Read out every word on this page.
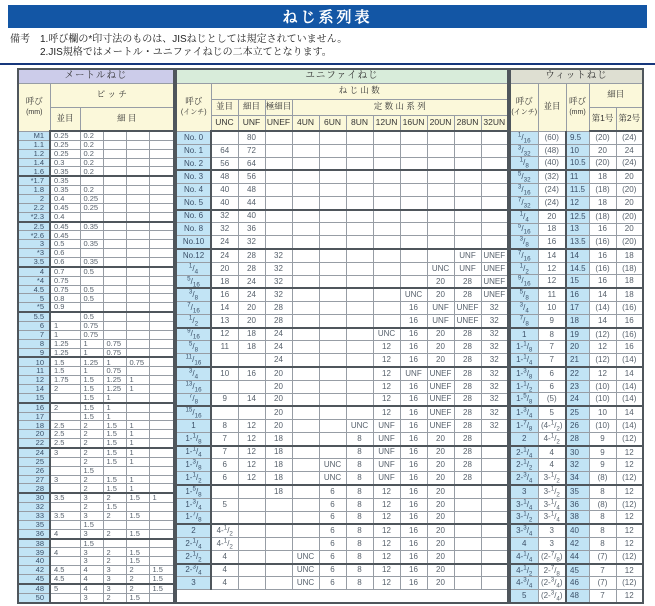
ねじ系列表
備考 1.呼び欄の*印寸法のものは、JISねじとしては規定されていません。
2.JIS規格ではメートル・ユニファイねじの二本立てとなります。
メートルねじ					
呼び
(mm)	ピ ッ チ				
	並目	細 目			
M1	0.25	0.2			
1.1	0.25	0.2			
1.2	0.25	0.2			
1.4	0.3	0.2			
1.6	0.35	0.2			
*1.7	0.35				
1.8	0.35	0.2			
2	0.4	0.25			
2.2	0.45	0.25			
*2.3	0.4				
2.5	0.45	0.35			
*2.6	0.45				
3	0.5	0.35			
*3	0.6				
3.5	0.6	0.35			
4	0.7	0.5			
*4	0.75				
4.5	0.75	0.5			
5	0.8	0.5			
*5	0.9				
5.5		0.5			
6	1	0.75			
7	1	0.75			
8	1.25	1	0.75		
9	1.25	1	0.75		
10	1.5	1.25	1	0.75	
11	1.5	1	0.75		
12	1.75	1.5	1.25	1	
14	2	1.5	1.25	1	
15		1.5	1		
16	2	1.5	1		
17		1.5	1		
18	2.5	2	1.5	1	
20	2.5	2	1.5	1	
22	2.5	2	1.5	1	
24	3	2	1.5	1	
25		2	1.5	1	
26		1.5			
27	3	2	1.5	1	
28		2	1.5	1	
30	3.5	3	2	1.5	1
32		2	1.5		
33	3.5	3	2	1.5	
35		1.5			
36	4	3	2	1.5	
38		1.5			
39	4	3	2	1.5	
40		3	2	1.5	
42	4.5	4	3	2	1.5
45	4.5	4	3	2	1.5
48	5	4	3	2	1.5
50		3	2	1.5	
ユニファイねじ											
呼び
(インチ)	ね じ 山 数										
	並目	細目	極細目	定 数 山 系 列							
	UNC	UNF	UNEF	4UN	6UN	8UN	12UN	16UN	20UN	28UN	32UN
No. 0		80									
No. 1	64	72									
No. 2	56	64									
No. 3	48	56									
No. 4	40	48									
No. 5	40	44									
No. 6	32	40									
No. 8	32	36									
No.10	24	32									
No.12	24	28	32							UNF	UNEF
$^1/_4$	20	28	32						UNC	UNF	UNEF
$^5/_{16}$	18	24	32						20	28	UNEF
$^3/_8$	16	24	32					UNC	20	28	UNEF
$^7/_{16}$	14	20	28					16	UNF	UNEF	32
$^1/_2$	13	20	28					16	UNF	UNEF	32
$^9/_{16}$	12	18	24				UNC	16	20	28	32
$^5/_8$	11	18	24				12	16	20	28	32
$^{11}/_{16}$			24				12	16	20	28	32
$^3/_4$	10	16	20				12	UNF	UNEF	28	32
$^{13}/_{16}$			20				12	16	UNEF	28	32
$^7/_8$	9	14	20				12	16	UNEF	28	32
$^{15}/_{16}$			20				12	16	UNEF	28	32
1	8	12	20			UNC	UNF	16	UNEF	28	32
$1-^1/_8$	7	12	18			8	UNF	16	20	28	
$1-^1/_4$	7	12	18			8	UNF	16	20	28	
$1-^3/_8$	6	12	18		UNC	8	UNF	16	20	28	
$1-^1/_2$	6	12	18		UNC	8	UNF	16	20	28	
$1-^5/_8$			18		6	8	12	16	20		
$1-^3/_4$	5				6	8	12	16	20		
$1-^7/_8$					6	8	12	16	20		
2	$4-^1/_2$				6	8	12	16	20		
$2-^1/_4$	$4-^1/_2$				6	8	12	16	20		
$2-^1/_2$	4			UNC	6	8	12	16	20		
$2-^3/_4$	4			UNC	6	8	12	16	20		
3	4			UNC	6	8	12	16	20		

ウィットねじ				
呼び
(インチ)	並目	呼び
(mm)	細目	
			第1号	第2号
$^1/_{16}$	(60)	9.5	(20)	(24)
$^3/_{32}$	(48)	10	20	24
$^1/_8$	(40)	10.5	(20)	(24)
$^5/_{32}$	(32)	11	18	20
$^3/_{16}$	(24)	11.5	(18)	(20)
$^7/_{32}$	(24)	12	18	20
$^1/_4$	20	12.5	(18)	(20)
$^5/_{16}$	18	13	16	20
$^3/_8$	16	13.5	(16)	(20)
$^7/_{16}$	14	14	16	18
$^1/_2$	12	14.5	(16)	(18)
$^9/_{16}$	12	15	16	18
$^5/_8$	11	16	14	18
$^3/_4$	10	17	(14)	(16)
$^7/_8$	9	18	14	16
1	8	19	(12)	(16)
$1-^1/_8$	7	20	12	16
$1-^1/_4$	7	21	(12)	(14)
$1-^3/_8$	6	22	12	14
$1-^1/_2$	6	23	(10)	(14)
$1-^5/_8$	(5)	24	(10)	(14)
$1-^3/_4$	5	25	10	14
$1-^7/_8$	$(4-^1/_2)$	26	(10)	(14)
2	$4-^1/_2$	28	9	(12)
$2-^1/_4$	4	30	9	12
$2-^1/_2$	4	32	9	12
$2-^3/_4$	$3-^1/_2$	34	(8)	(12)
3	$3-^1/_2$	35	8	12
$3-^1/_4$	$3-^1/_4$	36	(8)	(12)
$3-^1/_2$	$3-^1/_4$	38	8	12
$3-^3/_4$	3	40	8	12
4	3	42	8	12
$4-^1/_4$	$(2-^7/_8)$	44	(7)	(12)
$4-^1/_2$	$2-^7/_8$	45	7	12
$4-^3/_4$	$(2-^3/_4)$	46	(7)	(12)
5	$(2-^3/_4)$	48	7	12
